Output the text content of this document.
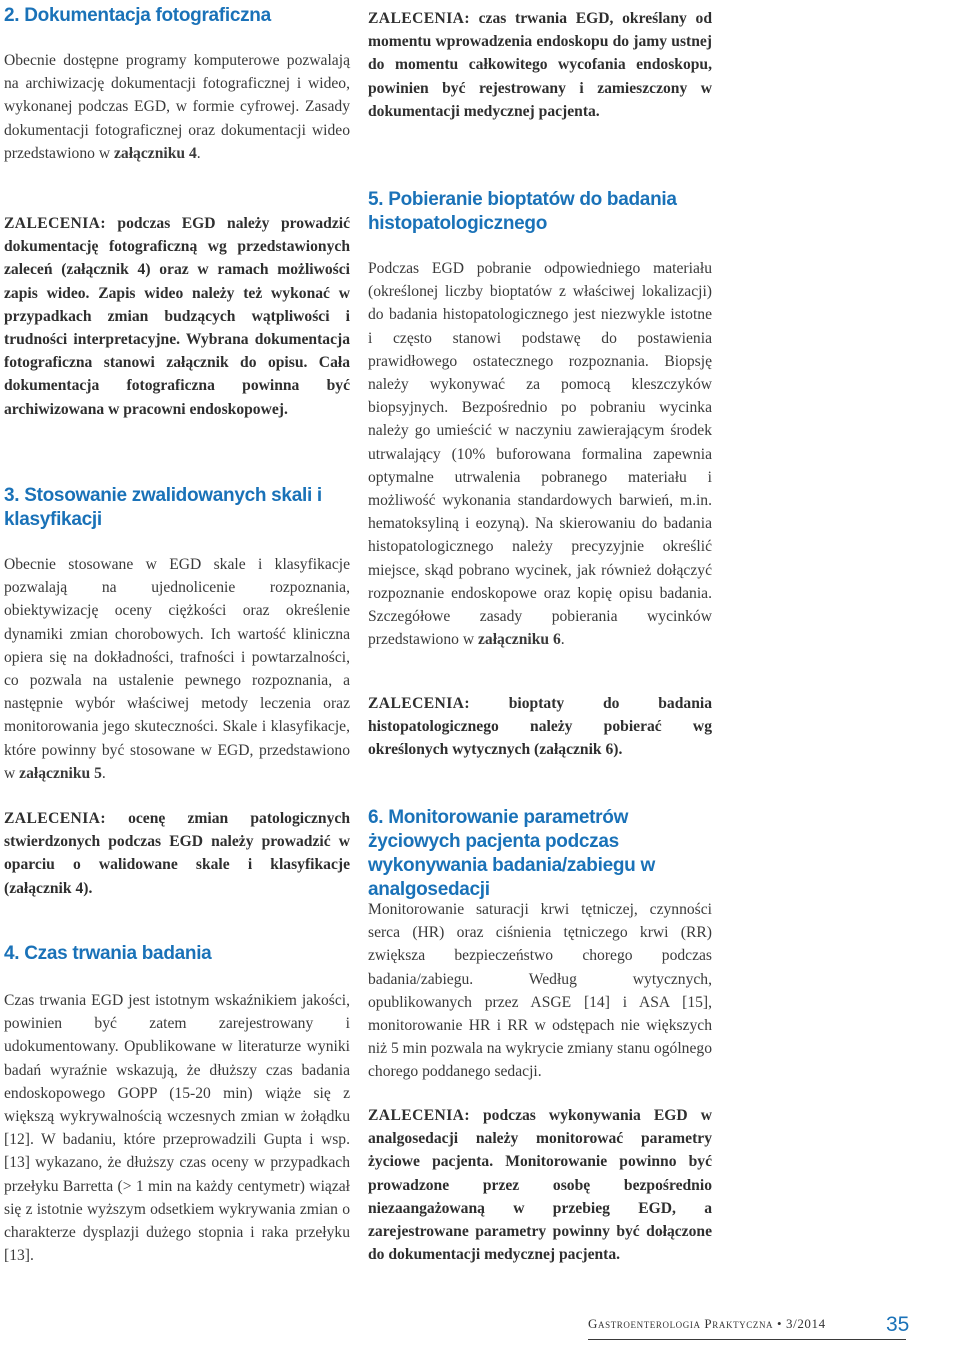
2. Dokumentacja fotograficzna

Obecnie dostępne programy komputerowe pozwalają na archiwizację dokumentacji fotograficznej i wideo, wykonanej podczas EGD, w formie cyfrowej. Zasady dokumentacji fotograficznej oraz dokumentacji wideo przedstawiono w załączniku 4.

ZALECENIA: podczas EGD należy prowadzić dokumentację fotograficzną wg przedstawionych zaleceń (załącznik 4) oraz w ramach możliwości zapis wideo. Zapis wideo należy też wykonać w przypadkach zmian budzących wątpliwości i trudności interpretacyjne. Wybrana dokumentacja fotograficzna stanowi załącznik do opisu. Cała dokumentacja fotograficzna powinna być archiwizowana w pracowni endoskopowej.

3. Stosowanie zwalidowanych skali i klasyfikacji

Obecnie stosowane w EGD skale i klasyfikacje pozwalają na ujednolicenie rozpoznania, obiektywizację oceny ciężkości oraz określenie dynamiki zmian chorobowych. Ich wartość kliniczna opiera się na dokładności, trafności i powtarzalności, co pozwala na ustalenie pewnego rozpoznania, a następnie wybór właściwej metody leczenia oraz monitorowania jego skuteczności. Skale i klasyfikacje, które powinny być stosowane w EGD, przedstawiono w załączniku 5.

ZALECENIA: ocenę zmian patologicznych stwierdzonych podczas EGD należy prowadzić w oparciu o walidowane skale i klasyfikacje (załącznik 4).

4. Czas trwania badania

Czas trwania EGD jest istotnym wskaźnikiem jakości, powinien być zatem zarejestrowany i udokumentowany. Opublikowane w literaturze wyniki badań wyraźnie wskazują, że dłuższy czas badania endoskopowego GOPP (15-20 min) wiąże się z większą wykrywalnością wczesnych zmian w żołądku [12]. W badaniu, które przeprowadzili Gupta i wsp. [13] wykazano, że dłuższy czas oceny w przypadkach przełyku Barretta (> 1 min na każdy centymetr) wiązał się z istotnie wyższym odsetkiem wykrywania zmian o charakterze dysplazji dużego stopnia i raka przełyku [13].

ZALECENIA: czas trwania EGD, określany od momentu wprowadzenia endoskopu do jamy ustnej do momentu całkowitego wycofania endoskopu, powinien być rejestrowany i zamieszczony w dokumentacji medycznej pacjenta.

5. Pobieranie bioptatów do badania histopatologicznego

Podczas EGD pobranie odpowiedniego materiału (określonej liczby bioptatów z właściwej lokalizacji) do badania histopatologicznego jest niezwykle istotne i często stanowi podstawę do postawienia prawidłowego ostatecznego rozpoznania. Biopsję należy wykonywać za pomocą kleszczyków biopsyjnych. Bezpośrednio po pobraniu wycinka należy go umieścić w naczyniu zawierającym środek utrwalający (10% buforowana formalina zapewnia optymalne utrwalenia pobranego materiału i możliwość wykonania standardowych barwień, m.in. hematoksyliną i eozyną). Na skierowaniu do badania histopatologicznego należy precyzyjnie określić miejsce, skąd pobrano wycinek, jak również dołączyć rozpoznanie endoskopowe oraz kopię opisu badania. Szczegółowe zasady pobierania wycinków przedstawiono w załączniku 6.

ZALECENIA: bioptaty do badania histopatologicznego należy pobierać wg określonych wytycznych (załącznik 6).

6. Monitorowanie parametrów życiowych pacjenta podczas wykonywania badania/zabiegu w analgosedacji

Monitorowanie saturacji krwi tętniczej, czynności serca (HR) oraz ciśnienia tętniczego krwi (RR) zwiększa bezpieczeństwo chorego podczas badania/zabiegu. Według wytycznych, opublikowanych przez ASGE [14] i ASA [15], monitorowanie HR i RR w odstępach nie większych niż 5 min pozwala na wykrycie zmiany stanu ogólnego chorego poddanego sedacji.

ZALECENIA: podczas wykonywania EGD w analgosedacji należy monitorować parametry życiowe pacjenta. Monitorowanie powinno być prowadzone przez osobę bezpośrednio niezaangażowaną w przebieg EGD, a zarejestrowane parametry powinny być dołączone do dokumentacji medycznej pacjenta.

Gastroenterologia Praktyczna • 3/2014	35
